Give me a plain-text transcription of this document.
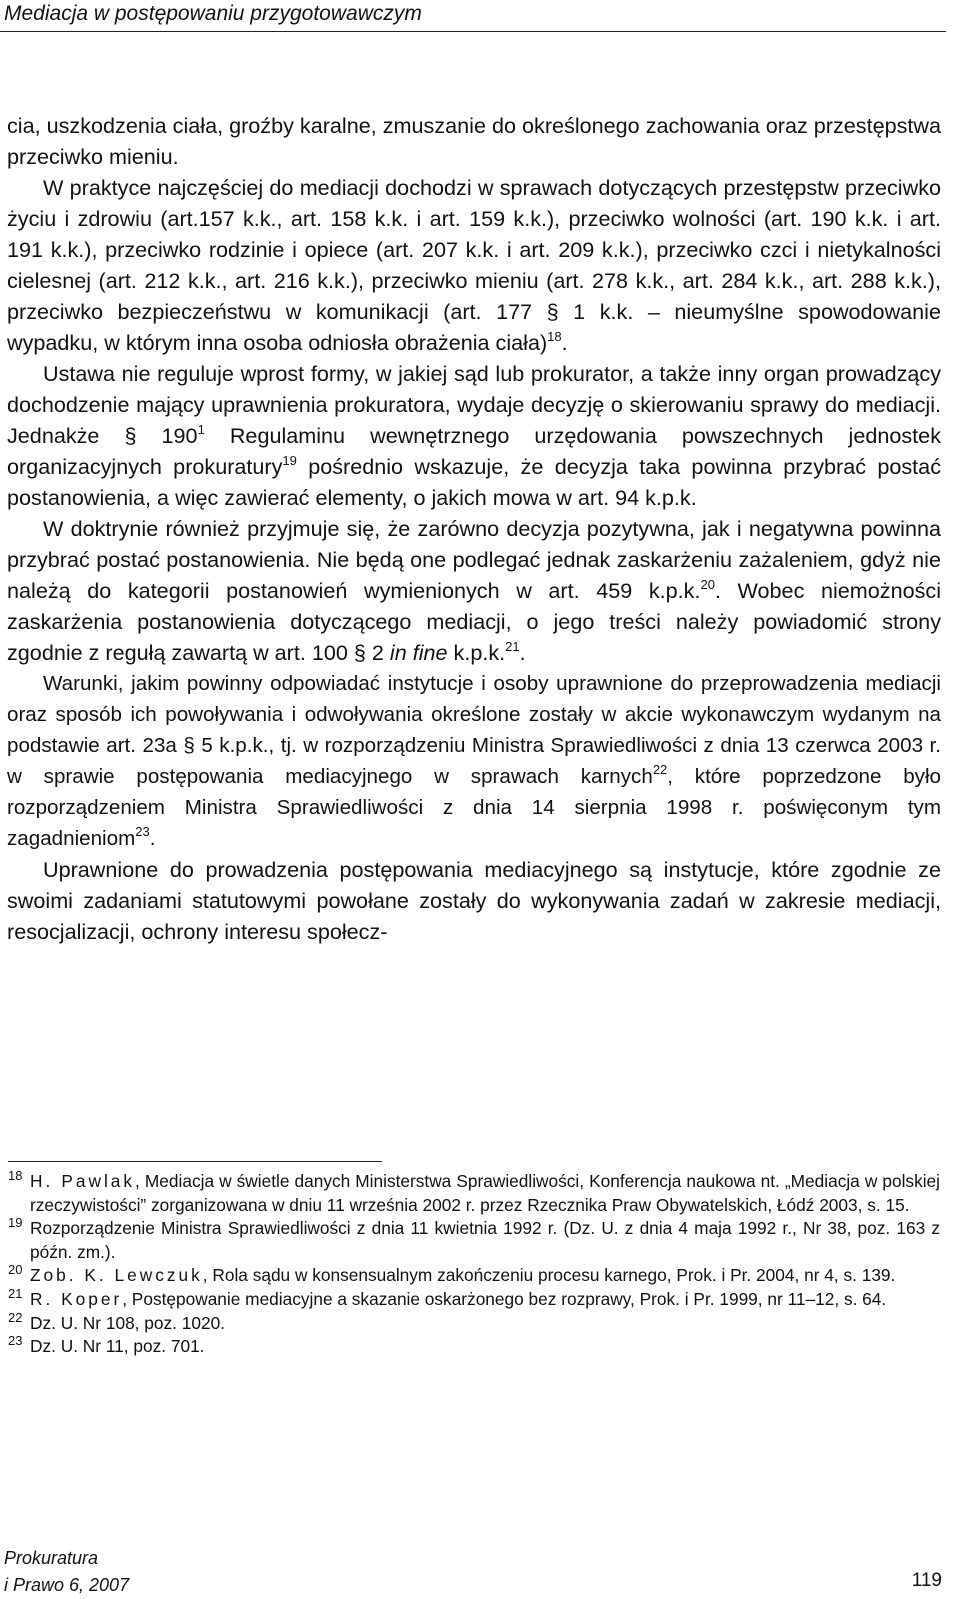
Mediacja w postępowaniu przygotowawczym

cia, uszkodzenia ciała, groźby karalne, zmuszanie do określonego zachowania oraz przestępstwa przeciwko mieniu.

W praktyce najczęściej do mediacji dochodzi w sprawach dotyczących przestępstw przeciwko życiu i zdrowiu (art.157 k.k., art. 158 k.k. i art. 159 k.k.), przeciwko wolności (art. 190 k.k. i art. 191 k.k.), przeciwko rodzinie i opiece (art. 207 k.k. i art. 209 k.k.), przeciwko czci i nietykalności cielesnej (art. 212 k.k., art. 216 k.k.), przeciwko mieniu (art. 278 k.k., art. 284 k.k., art. 288 k.k.), przeciwko bezpieczeństwu w komunikacji (art. 177 § 1 k.k. – nieumyślne spowodowanie wypadku, w którym inna osoba odniosła obrażenia ciała)$^{18}$.

Ustawa nie reguluje wprost formy, w jakiej sąd lub prokurator, a także inny organ prowadzący dochodzenie mający uprawnienia prokuratora, wydaje decyzję o skierowaniu sprawy do mediacji. Jednakże § $190^1$ Regulaminu wewnętrznego urzędowania powszechnych jednostek organizacyjnych prokuratury$^{19}$ pośrednio wskazuje, że decyzja taka powinna przybrać postać postanowienia, a więc zawierać elementy, o jakich mowa w art. 94 k.p.k.

W doktrynie również przyjmuje się, że zarówno decyzja pozytywna, jak i negatywna powinna przybrać postać postanowienia. Nie będą one podlegać jednak zaskarżeniu zażaleniem, gdyż nie należą do kategorii postanowień wymienionych w art. 459 k.p.k.$^{20}$. Wobec niemożności zaskarżenia postanowienia dotyczącego mediacji, o jego treści należy powiadomić strony zgodnie z regułą zawartą w art. 100 § 2 in fine k.p.k.$^{21}$.

Warunki, jakim powinny odpowiadać instytucje i osoby uprawnione do przeprowadzenia mediacji oraz sposób ich powoływania i odwoływania określone zostały w akcie wykonawczym wydanym na podstawie art. 23a § 5 k.p.k., tj. w rozporządzeniu Ministra Sprawiedliwości z dnia 13 czerwca 2003 r. w sprawie postępowania mediacyjnego w sprawach karnych$^{22}$, które poprzedzone było rozporządzeniem Ministra Sprawiedliwości z dnia 14 sierpnia 1998 r. poświęconym tym zagadnieniom$^{23}$.

Uprawnione do prowadzenia postępowania mediacyjnego są instytucje, które zgodnie ze swoimi zadaniami statutowymi powołane zostały do wykonywania zadań w zakresie mediacji, resocjalizacji, ochrony interesu społecz-

18 H. Pawlak, Mediacja w świetle danych Ministerstwa Sprawiedliwości, Konferencja naukowa nt. „Mediacja w polskiej rzeczywistości” zorganizowana w dniu 11 września 2002 r. przez Rzecznika Praw Obywatelskich, Łódź 2003, s. 15.
19 Rozporządzenie Ministra Sprawiedliwości z dnia 11 kwietnia 1992 r. (Dz. U. z dnia 4 maja 1992 r., Nr 38, poz. 163 z późn. zm.).
20 Zob. K. Lewczuk, Rola sądu w konsensualnym zakończeniu procesu karnego, Prok. i Pr. 2004, nr 4, s. 139.
21 R. Koper, Postępowanie mediacyjne a skazanie oskarżonego bez rozprawy, Prok. i Pr. 1999, nr 11–12, s. 64.
22 Dz. U. Nr 108, poz. 1020.
23 Dz. U. Nr 11, poz. 701.
Prokuratura
i Prawo 6, 2007	119
